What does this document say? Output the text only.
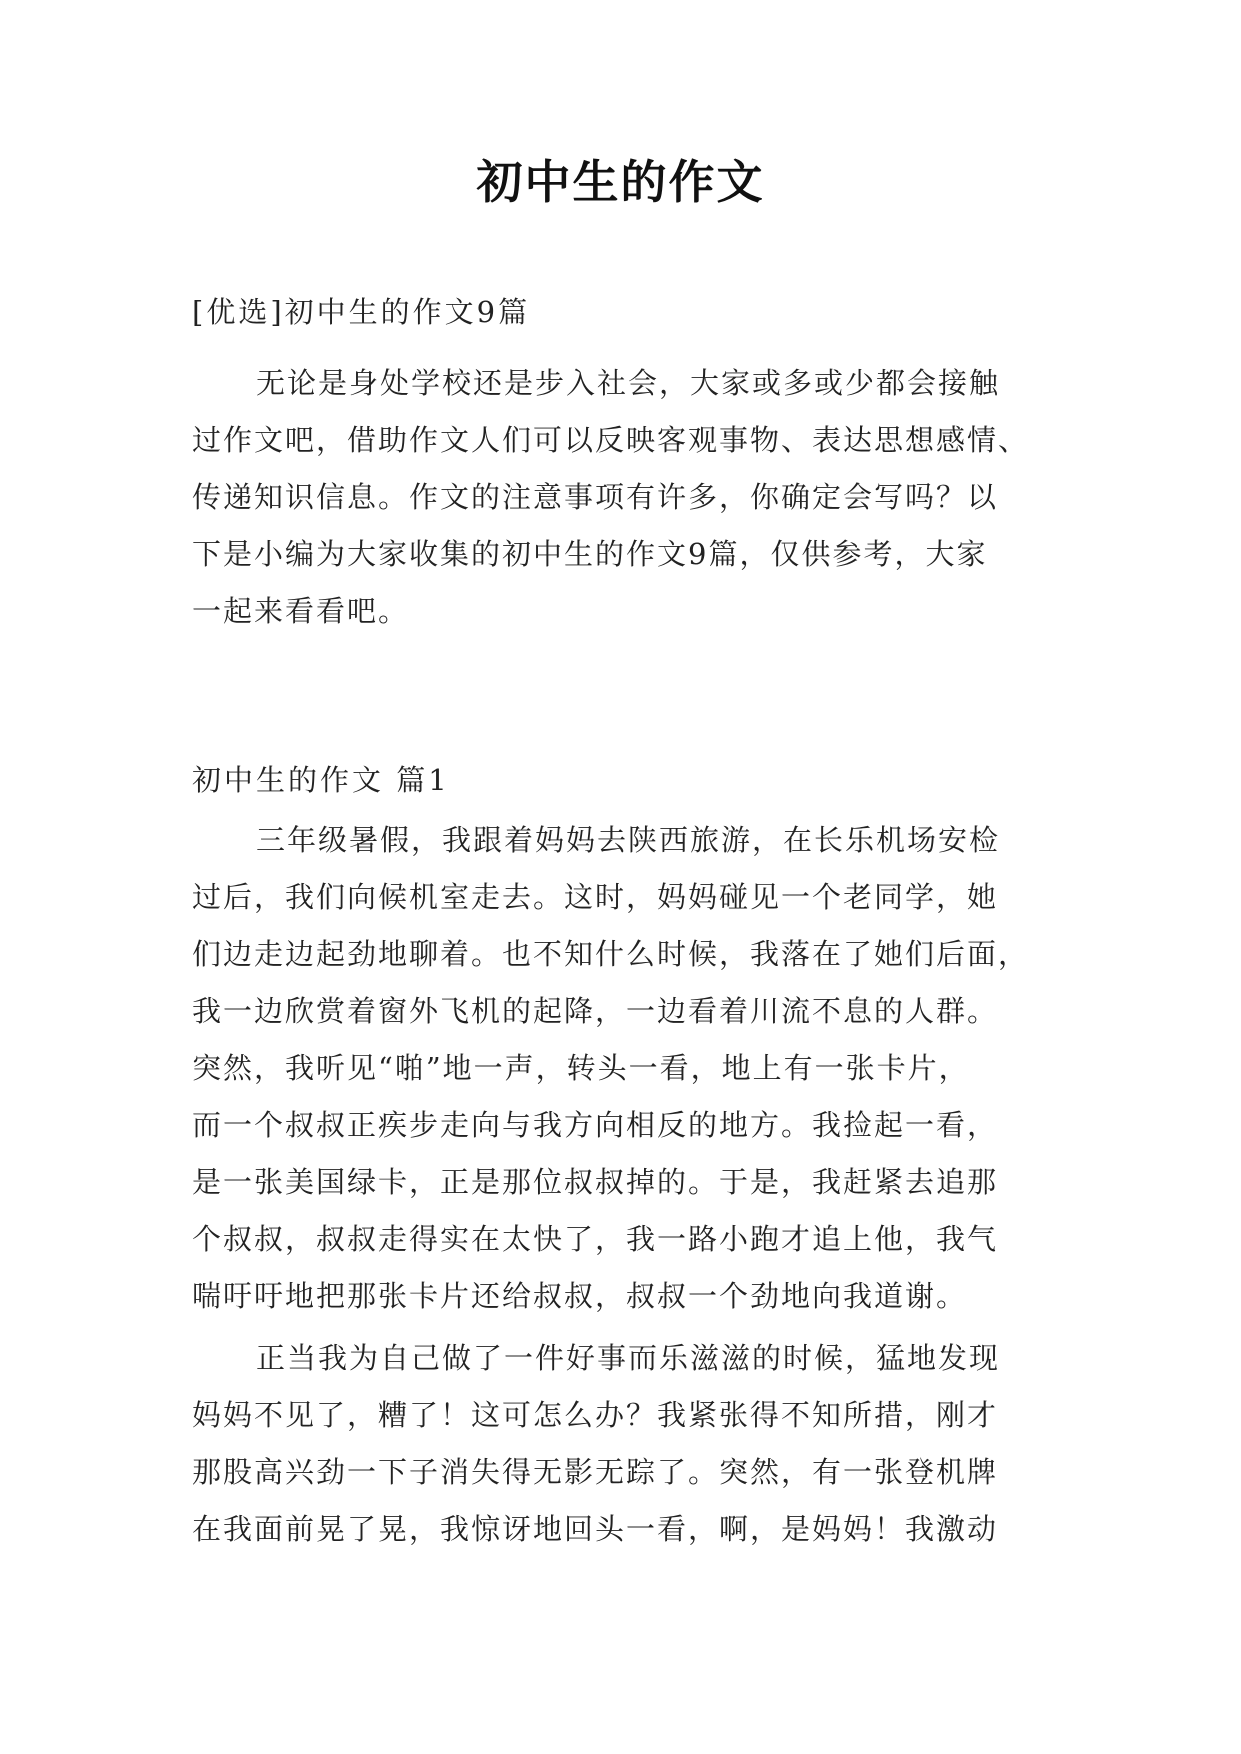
初中生的作文

[优选]初中生的作文9篇

无论是身处学校还是步入社会，大家或多或少都会接触
过作文吧，借助作文人们可以反映客观事物、表达思想感情、
传递知识信息。作文的注意事项有许多，你确定会写吗？以
下是小编为大家收集的初中生的作文9篇，仅供参考，大家
一起来看看吧。

初中生的作文 篇1

三年级暑假，我跟着妈妈去陕西旅游，在长乐机场安检
过后，我们向候机室走去。这时，妈妈碰见一个老同学，她
们边走边起劲地聊着。也不知什么时候，我落在了她们后面，
我一边欣赏着窗外飞机的起降，一边看着川流不息的人群。
突然，我听见“啪”地一声，转头一看，地上有一张卡片，
而一个叔叔正疾步走向与我方向相反的地方。我捡起一看，
是一张美国绿卡，正是那位叔叔掉的。于是，我赶紧去追那
个叔叔，叔叔走得实在太快了，我一路小跑才追上他，我气
喘吁吁地把那张卡片还给叔叔，叔叔一个劲地向我道谢。

正当我为自己做了一件好事而乐滋滋的时候，猛地发现
妈妈不见了，糟了！这可怎么办？我紧张得不知所措，刚才
那股高兴劲一下子消失得无影无踪了。突然，有一张登机牌
在我面前晃了晃，我惊讶地回头一看，啊，是妈妈！我激动
